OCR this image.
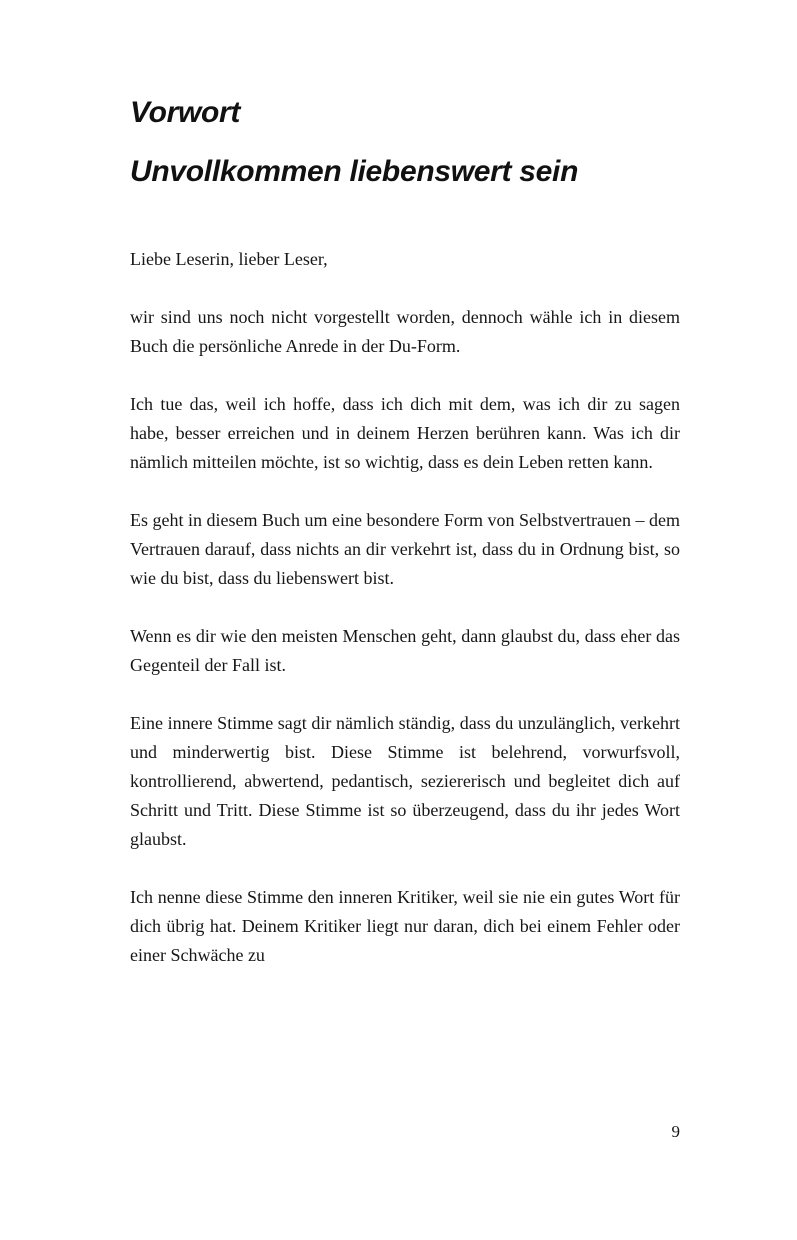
Vorwort
Unvollkommen liebenswert sein

Liebe Leserin, lieber Leser,

wir sind uns noch nicht vorgestellt worden, dennoch wähle ich in diesem Buch die persönliche Anrede in der Du-Form.

Ich tue das, weil ich hoffe, dass ich dich mit dem, was ich dir zu sagen habe, besser erreichen und in deinem Herzen berühren kann. Was ich dir nämlich mitteilen möchte, ist so wichtig, dass es dein Leben retten kann.

Es geht in diesem Buch um eine besondere Form von Selbstvertrauen – dem Vertrauen darauf, dass nichts an dir verkehrt ist, dass du in Ordnung bist, so wie du bist, dass du liebenswert bist.

Wenn es dir wie den meisten Menschen geht, dann glaubst du, dass eher das Gegenteil der Fall ist.

Eine innere Stimme sagt dir nämlich ständig, dass du unzulänglich, verkehrt und minderwertig bist. Diese Stimme ist belehrend, vorwurfsvoll, kontrollierend, abwertend, pedantisch, seziererisch und begleitet dich auf Schritt und Tritt. Diese Stimme ist so überzeugend, dass du ihr jedes Wort glaubst.

Ich nenne diese Stimme den inneren Kritiker, weil sie nie ein gutes Wort für dich übrig hat. Deinem Kritiker liegt nur daran, dich bei einem Fehler oder einer Schwäche zu

9
